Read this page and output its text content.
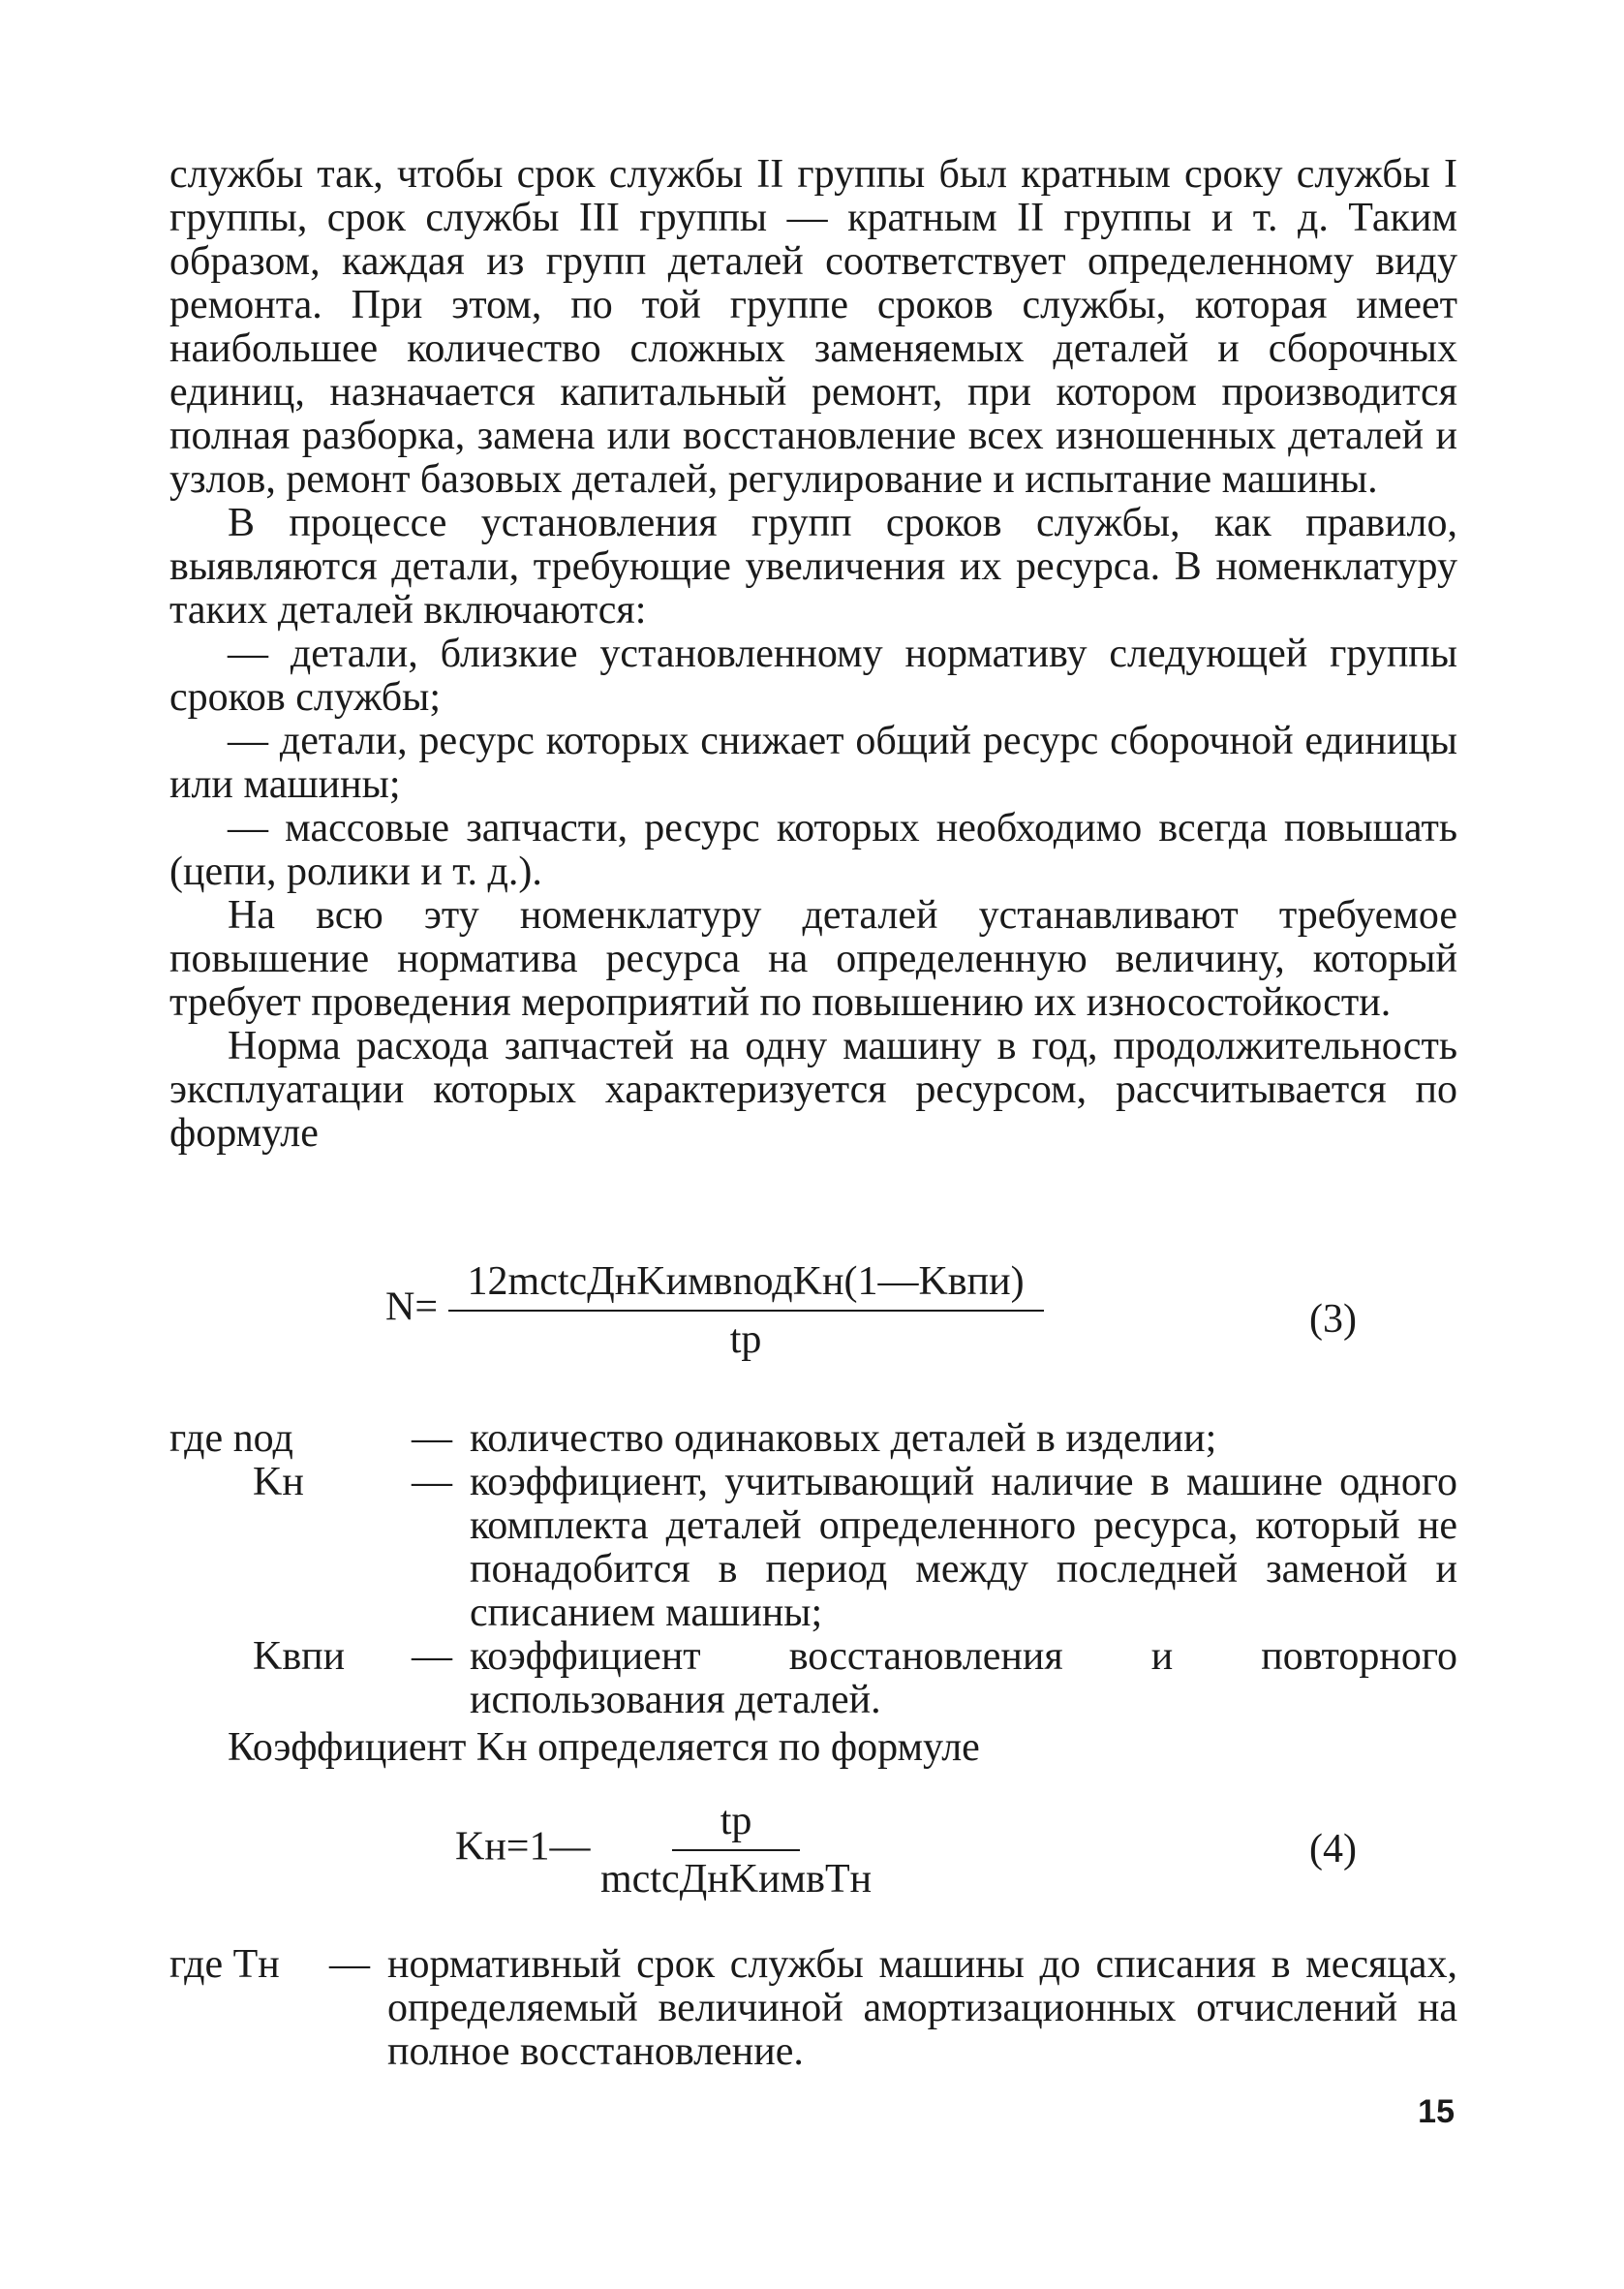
службы так, чтобы срок службы II группы был кратным сроку службы I группы, срок службы III группы — кратным II группы и т. д. Таким образом, каждая из групп деталей соответствует определенному виду ремонта. При этом, по той группе сроков службы, которая имеет наибольшее количество сложных заменяемых деталей и сборочных единиц, назначается капитальный ремонт, при котором производится полная разборка, замена или восстановление всех изношенных деталей и узлов, ремонт базовых деталей, регулирование и испытание машины.

В процессе установления групп сроков службы, как правило, выявляются детали, требующие увеличения их ресурса. В номенклатуру таких деталей включаются:

— детали, близкие установленному нормативу следующей группы сроков службы;

— детали, ресурс которых снижает общий ресурс сборочной единицы или машины;

— массовые запчасти, ресурс которых необходимо всегда повышать (цепи, ролики и т. д.).

На всю эту номенклатуру деталей устанавливают требуемое повышение норматива ресурса на определенную величину, который требует проведения мероприятий по повышению их износостойкости.

Норма расхода запчастей на одну машину в год, продолжительность эксплуатации которых характеризуется ресурсом, рассчитывается по формуле

$N= \frac{\text{12mctcДнKимвnодKн(1—Kвпи)}}{tp}$	(3)
где nод	— количество одинаковых деталей в изделии;
Kн	— коэффициент, учитывающий наличие в машине одного комплекта деталей определенного ресурса, который не понадобится в период между последней заменой и списанием машины;
Kвпи	— коэффициент восстановления и повторного использования деталей.

Коэффициент Kн определяется по формуле

Kн=1— $\frac{tp}{\text{mctcДнKимвTн}}$	(4)
где Tн	— нормативный срок службы машины до списания в месяцах, определяемый величиной амортизационных отчислений на полное восстановление.
15
